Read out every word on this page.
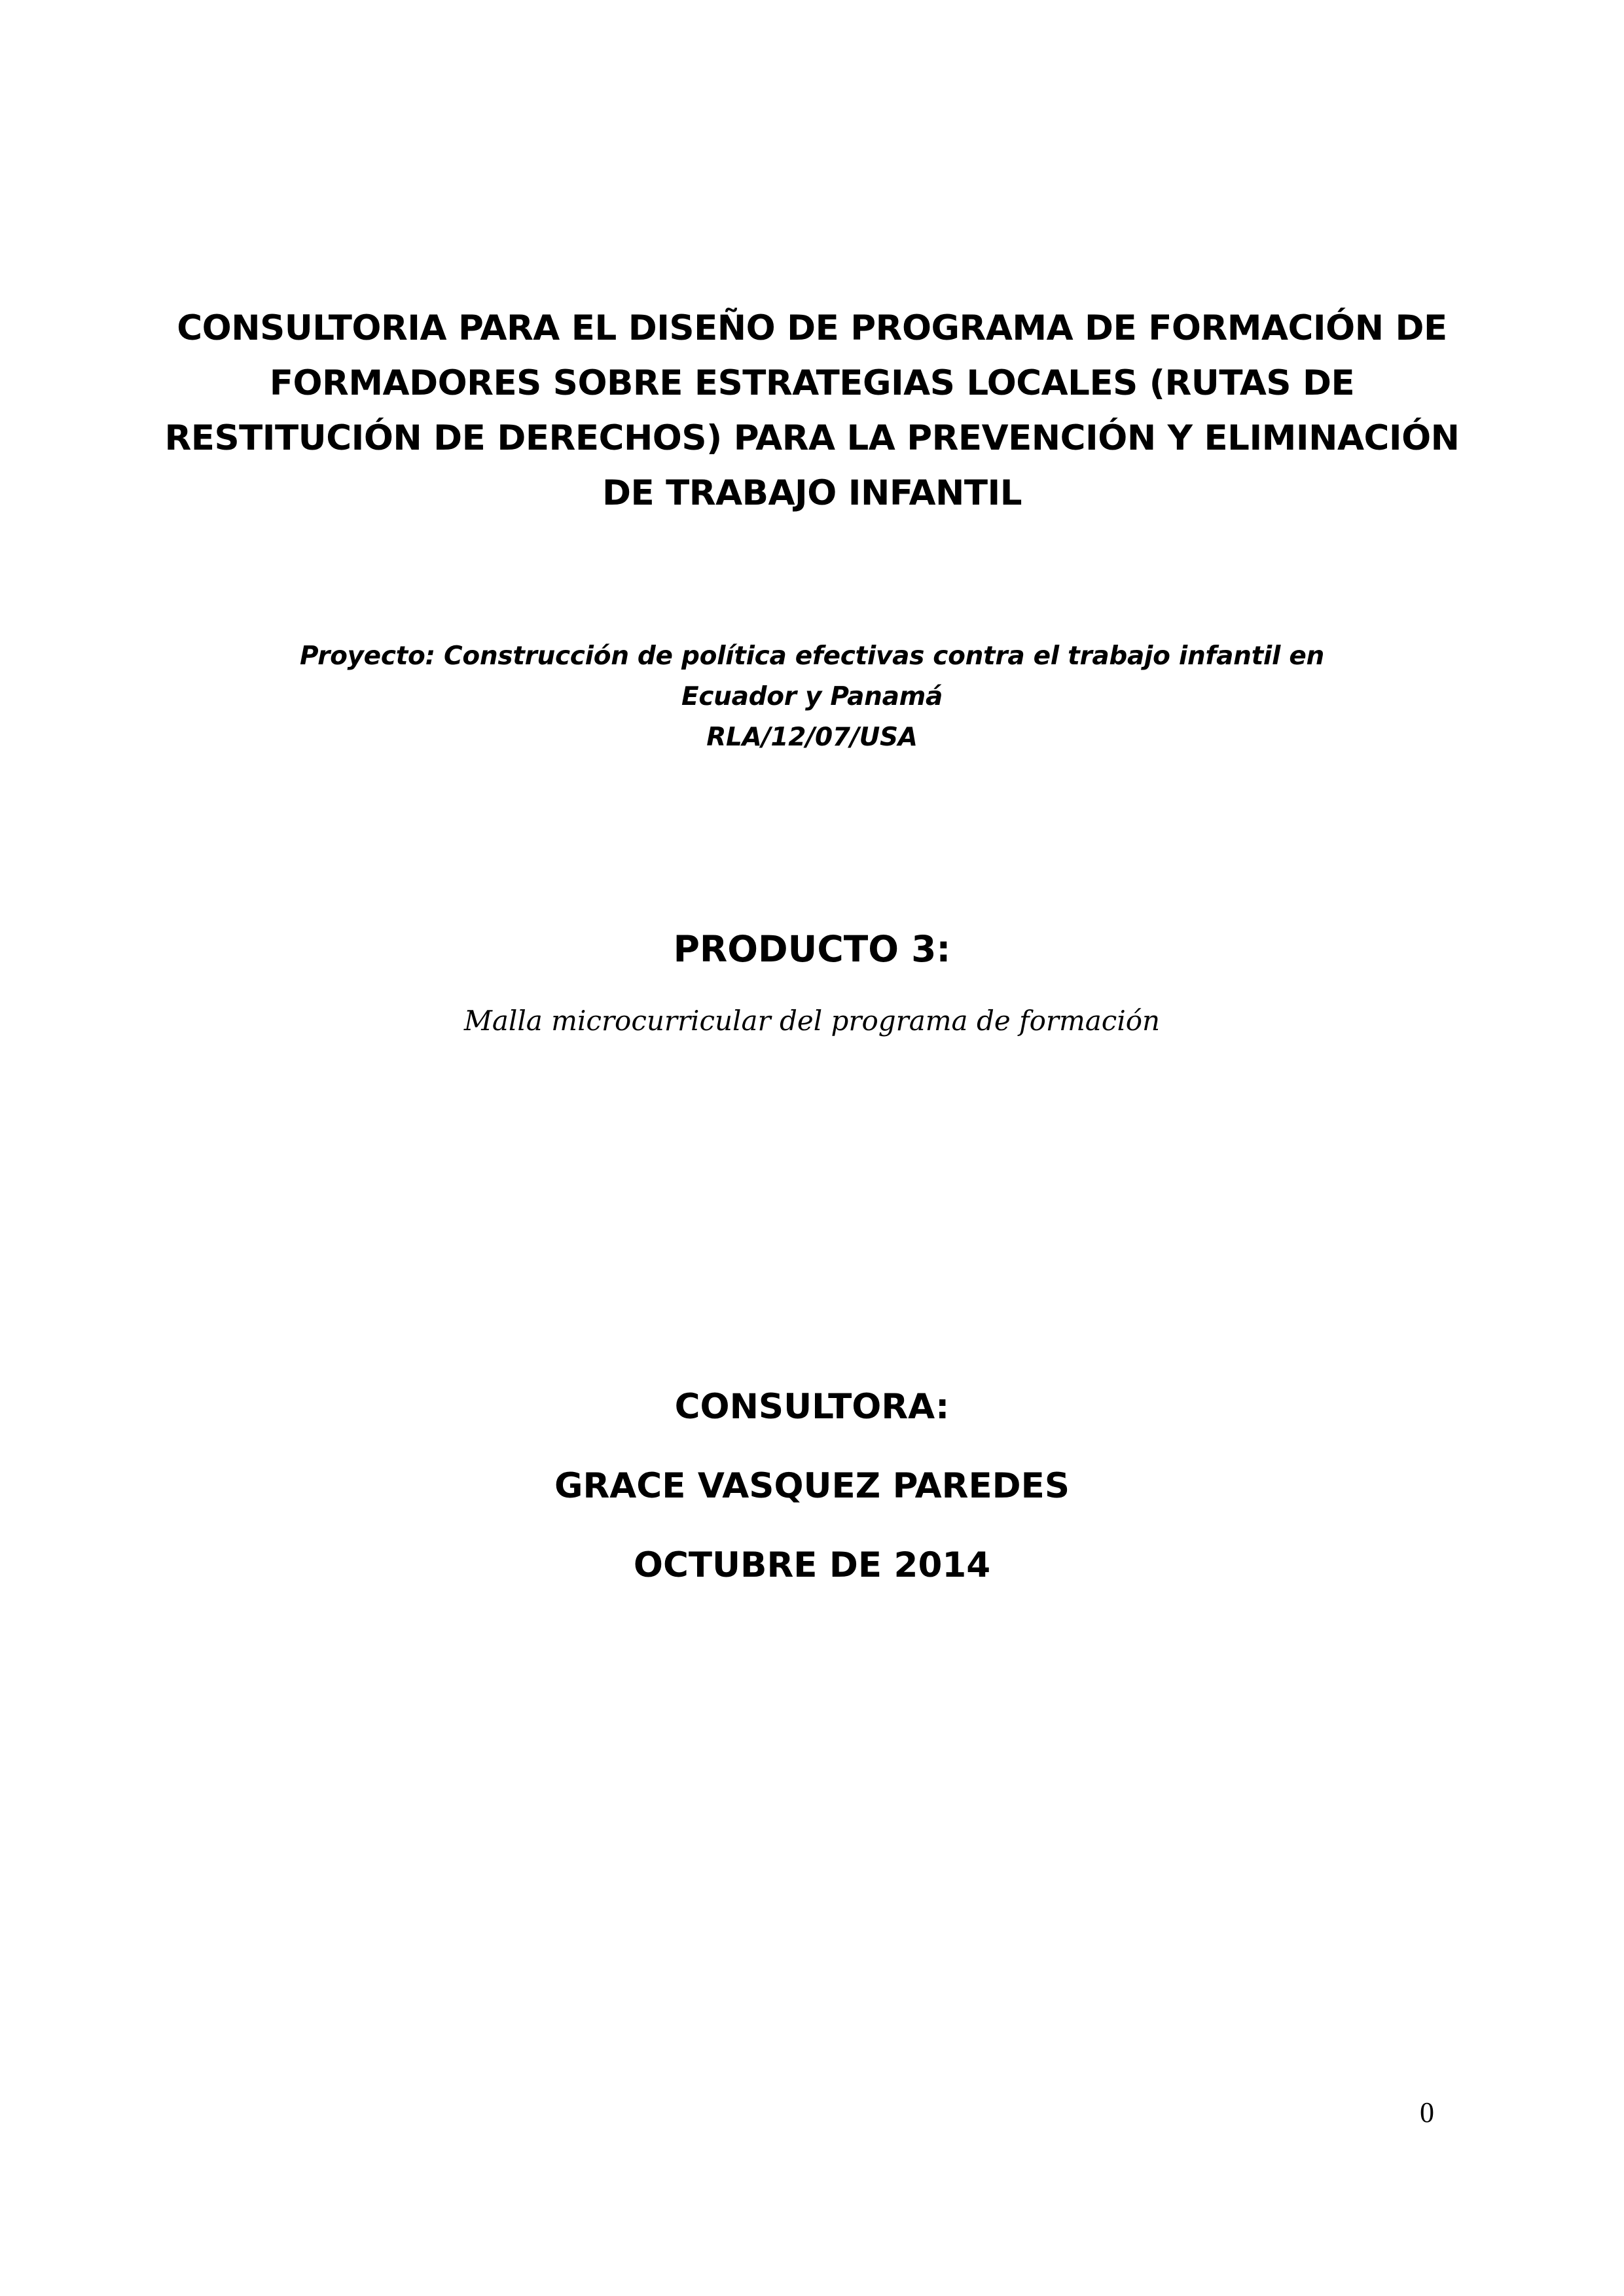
CONSULTORIA PARA EL DISEÑO DE PROGRAMA DE FORMACIÓN DE
FORMADORES SOBRE ESTRATEGIAS LOCALES (RUTAS DE
RESTITUCIÓN DE DERECHOS) PARA LA PREVENCIÓN Y ELIMINACIÓN
DE TRABAJO INFANTIL
Proyecto: Construcción de política efectivas contra el trabajo infantil en
Ecuador y Panamá
RLA/12/07/USA
PRODUCTO 3:
Malla microcurricular del programa de formación
CONSULTORA:
GRACE VASQUEZ PAREDES
OCTUBRE DE 2014
0
